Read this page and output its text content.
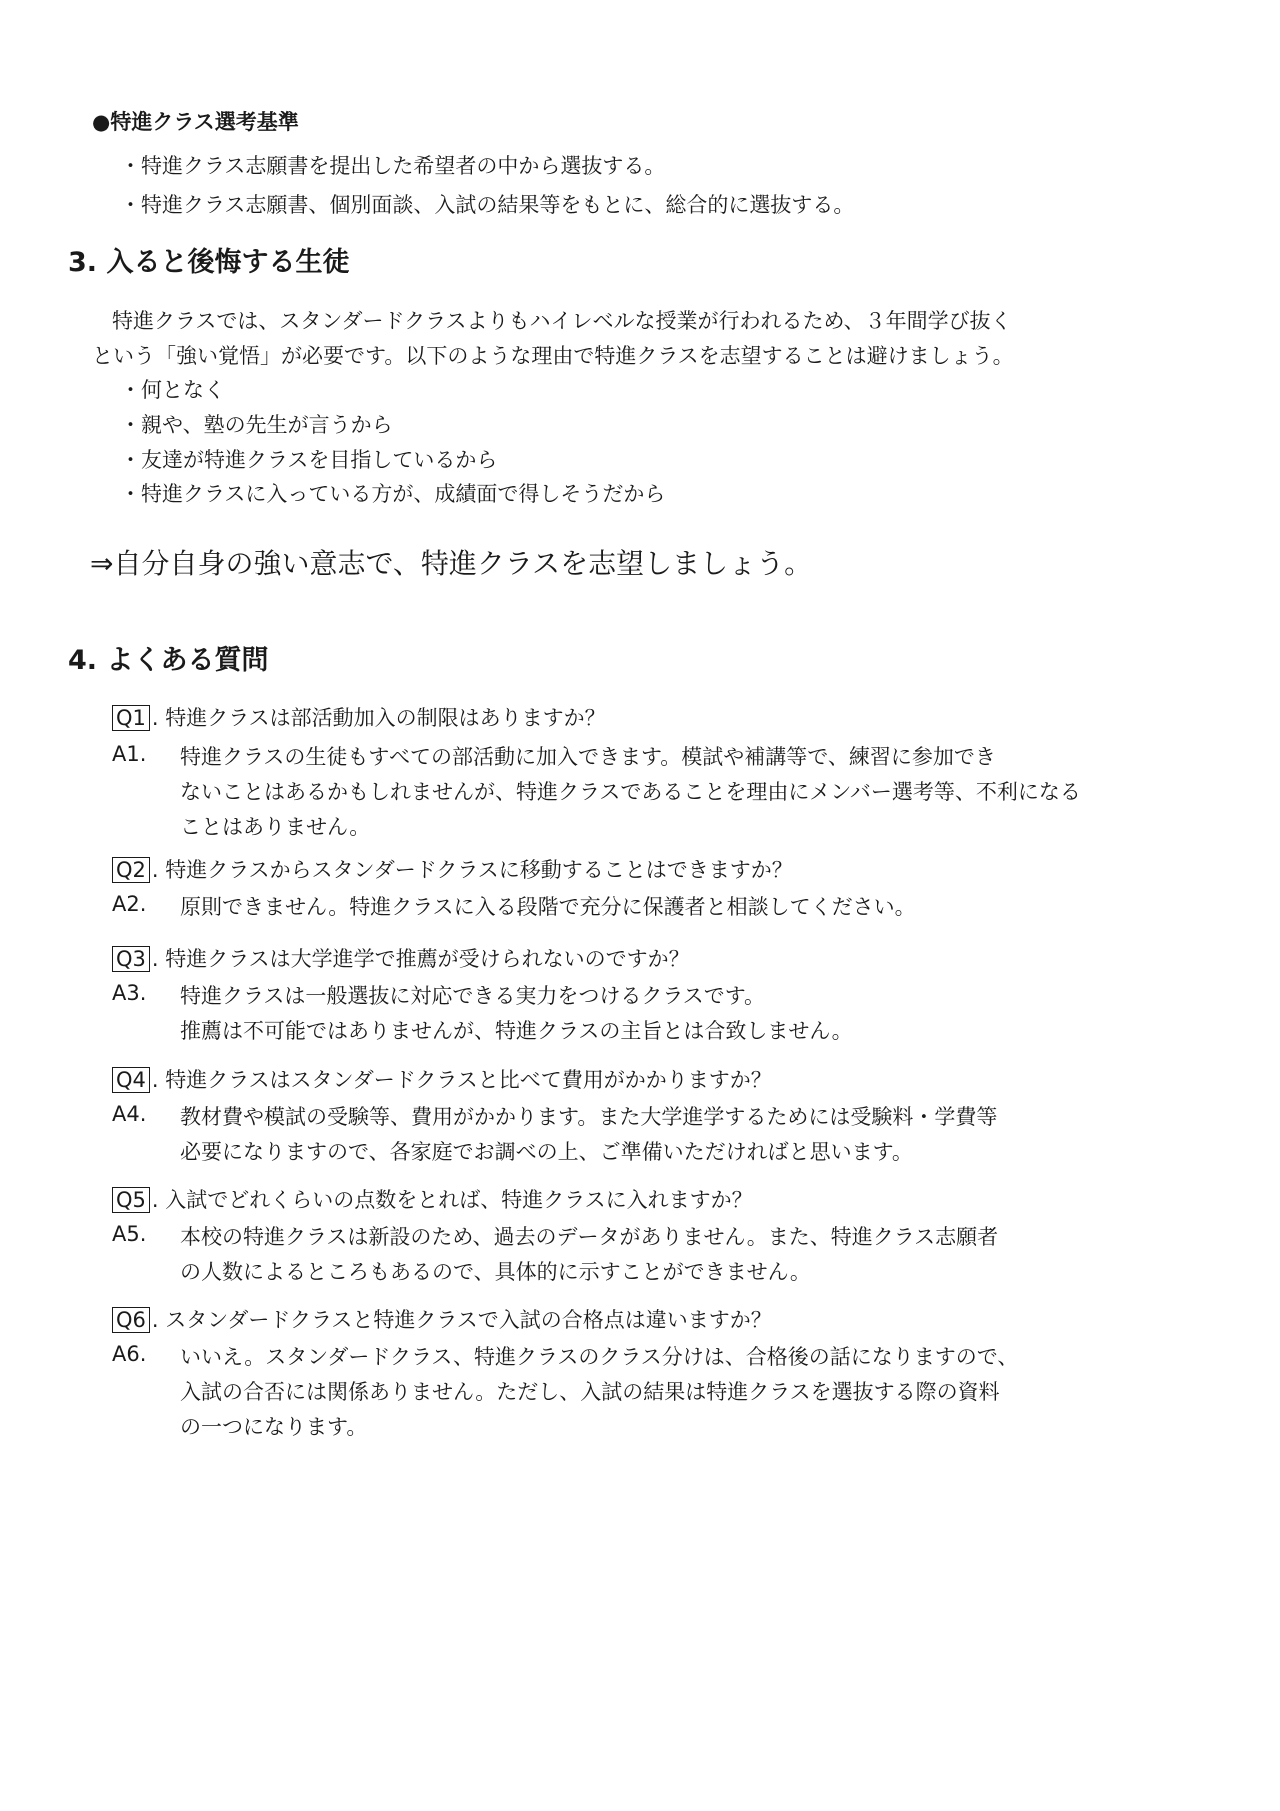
●特進クラス選考基準
・特進クラス志願書を提出した希望者の中から選抜する。
・特進クラス志願書、個別面談、入試の結果等をもとに、総合的に選抜する。
3. 入ると後悔する生徒
特進クラスでは、スタンダードクラスよりもハイレベルな授業が行われるため、３年間学び抜く
という「強い覚悟」が必要です。以下のような理由で特進クラスを志望することは避けましょう。
・何となく
・親や、塾の先生が言うから
・友達が特進クラスを目指しているから
・特進クラスに入っている方が、成績面で得しそうだから
⇒自分自身の強い意志で、特進クラスを志望しましょう。
4. よくある質問
Q1 . 特進クラスは部活動加入の制限はありますか？
A1.	特進クラスの生徒もすべての部活動に加入できます。模試や補講等で、練習に参加でき
ないことはあるかもしれませんが、特進クラスであることを理由にメンバー選考等、不利になる
ことはありません。
Q2 . 特進クラスからスタンダードクラスに移動することはできますか？
A2.	原則できません。特進クラスに入る段階で充分に保護者と相談してください。
Q3 . 特進クラスは大学進学で推薦が受けられないのですか？
A3.	特進クラスは一般選抜に対応できる実力をつけるクラスです。
推薦は不可能ではありませんが、特進クラスの主旨とは合致しません。
Q4 . 特進クラスはスタンダードクラスと比べて費用がかかりますか？
A4.	教材費や模試の受験等、費用がかかります。また大学進学するためには受験料・学費等
必要になりますので、各家庭でお調べの上、ご準備いただければと思います。
Q5 . 入試でどれくらいの点数をとれば、特進クラスに入れますか？
A5.	本校の特進クラスは新設のため、過去のデータがありません。また、特進クラス志願者
の人数によるところもあるので、具体的に示すことができません。
Q6 . スタンダードクラスと特進クラスで入試の合格点は違いますか？
A6.	いいえ。スタンダードクラス、特進クラスのクラス分けは、合格後の話になりますので、
入試の合否には関係ありません。ただし、入試の結果は特進クラスを選抜する際の資料
の一つになります。
